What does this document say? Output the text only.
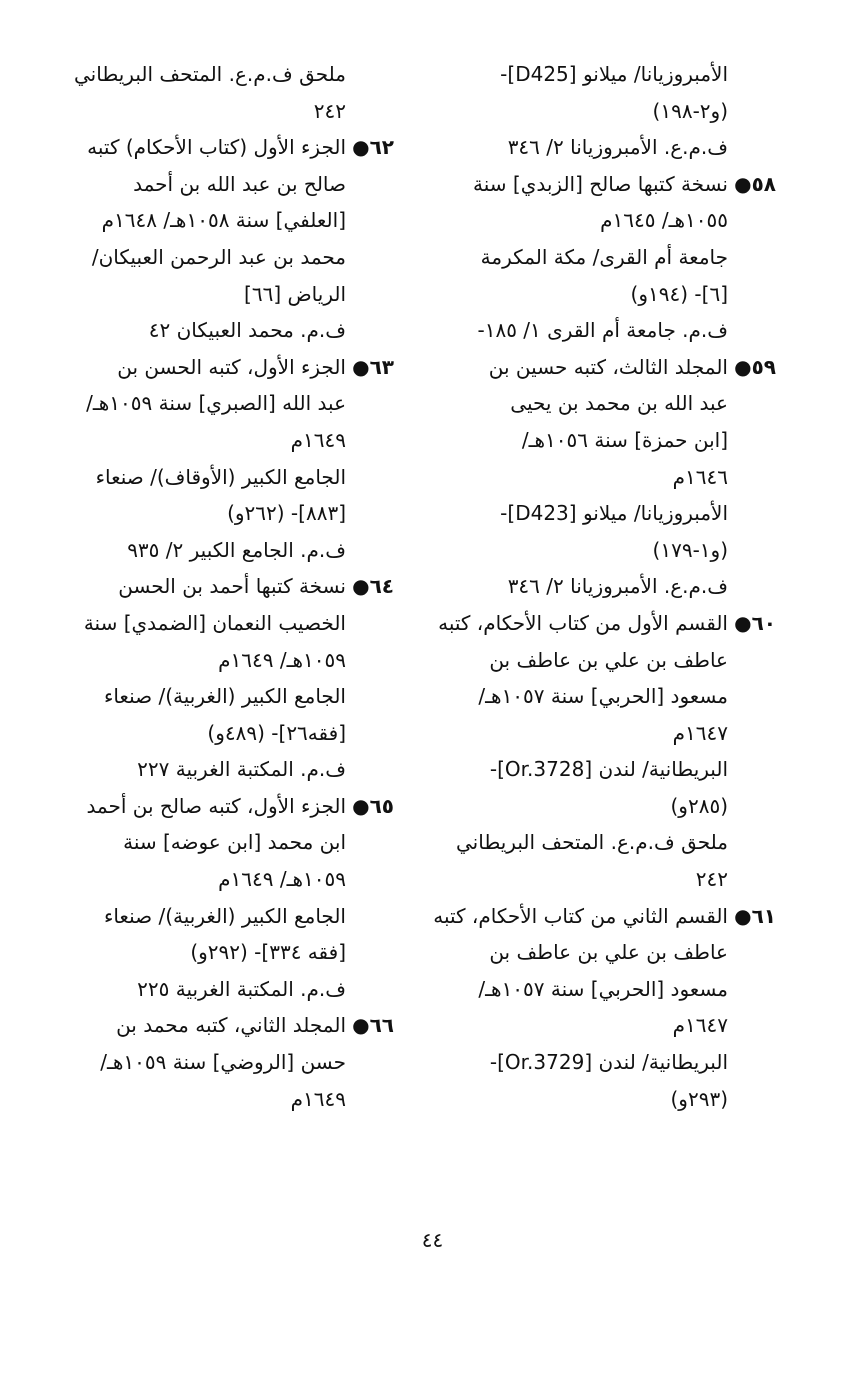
الأمبروزيانا/ ميلانو [D425]-
(و٢-١٩٨)
ف.م.ع. الأمبروزيانا ٢/ ٣٤٦
٥٨●نسخة كتبها صالح [الزبدي] سنة
١٠٥٥هـ/ ١٦٤٥م
جامعة أم القرى/ مكة المكرمة
[٦]- (١٩٤و)
ف.م. جامعة أم القرى ١/ ١٨٥-
٥٩●المجلد الثالث، كتبه حسين بن
عبد الله بن محمد بن يحيى
[ابن حمزة] سنة ١٠٥٦هـ/
١٦٤٦م
الأمبروزيانا/ ميلانو [D423]-
(و١-١٧٩)
ف.م.ع. الأمبروزيانا ٢/ ٣٤٦
٦٠●القسم الأول من كتاب الأحكام، كتبه
عاطف بن علي بن عاطف بن
مسعود [الحربي] سنة ١٠٥٧هـ/
١٦٤٧م
البريطانية/ لندن [Or.3728]-
(٢٨٥و)
ملحق ف.م.ع. المتحف البريطاني
٢٤٢
٦١●القسم الثاني من كتاب الأحكام، كتبه
عاطف بن علي بن عاطف بن
مسعود [الحربي] سنة ١٠٥٧هـ/
١٦٤٧م
البريطانية/ لندن [Or.3729]-
(٢٩٣و)
ملحق ف.م.ع. المتحف البريطاني
٢٤٢
٦٢●الجزء الأول (كتاب الأحكام) كتبه
صالح بن عبد الله بن أحمد
[العلفي] سنة ١٠٥٨هـ/ ١٦٤٨م
محمد بن عبد الرحمن العبيكان/
الرياض [٦٦]
ف.م. محمد العبيكان ٤٢
٦٣●الجزء الأول، كتبه الحسن بن
عبد الله [الصبري] سنة ١٠٥٩هـ/
١٦٤٩م
الجامع الكبير (الأوقاف)/ صنعاء
[٨٨٣]- (٢٦٢و)
ف.م. الجامع الكبير ٢/ ٩٣٥
٦٤●نسخة كتبها أحمد بن الحسن
الخصيب النعمان [الضمدي] سنة
١٠٥٩هـ/ ١٦٤٩م
الجامع الكبير (الغربية)/ صنعاء
[فقه٢٦]- (٤٨٩و)
ف.م. المكتبة الغربية ٢٢٧
٦٥●الجزء الأول، كتبه صالح بن أحمد
ابن محمد [ابن عوضه] سنة
١٠٥٩هـ/ ١٦٤٩م
الجامع الكبير (الغربية)/ صنعاء
[فقه ٣٣٤]- (٢٩٢و)
ف.م. المكتبة الغربية ٢٢٥
٦٦●المجلد الثاني، كتبه محمد بن
حسن [الروضي] سنة ١٠٥٩هـ/
١٦٤٩م
٤٤
